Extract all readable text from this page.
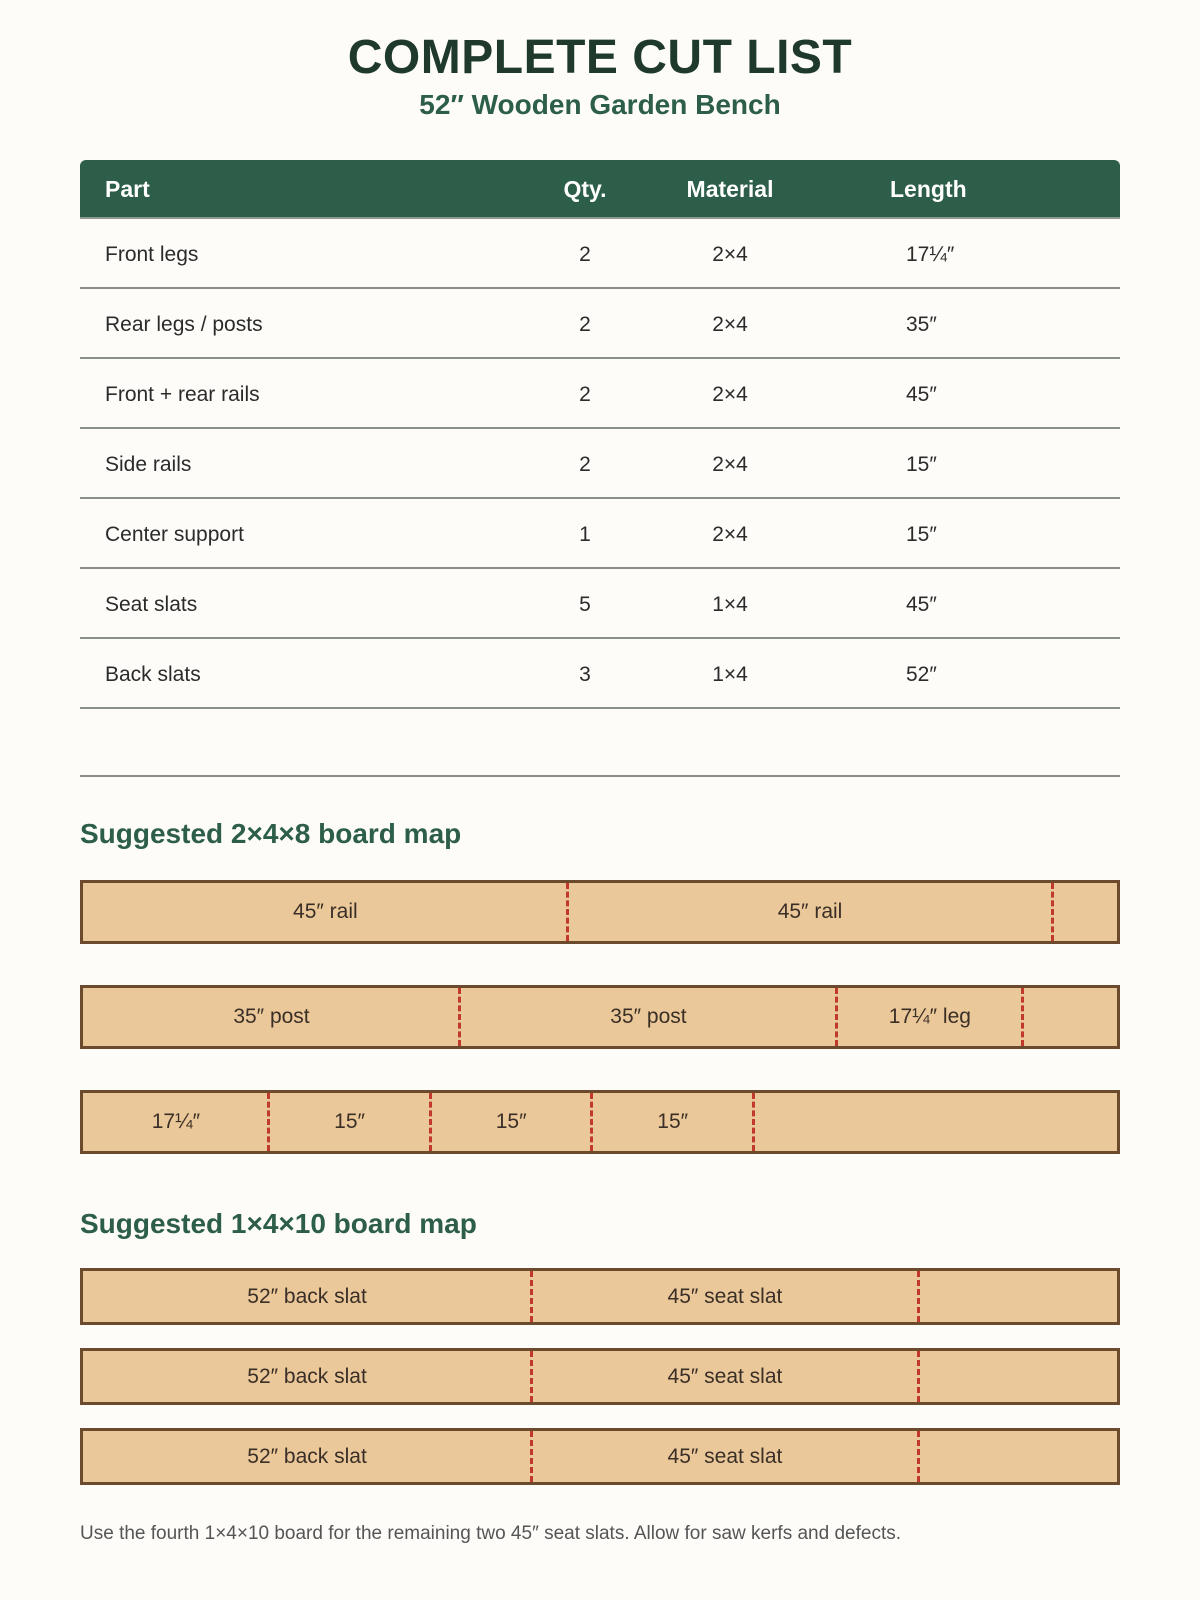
COMPLETE CUT LIST
52″ Wooden Garden Bench
Part	Qty.	Material	Length
Front legs	2	2×4	17¼″
Rear legs / posts	2	2×4	35″
Front + rear rails	2	2×4	45″
Side rails	2	2×4	15″
Center support	1	2×4	15″
Seat slats	5	1×4	45″
Back slats	3	1×4	52″
Suggested 2×4×8 board map
45″ rail	45″ rail
35″ post	35″ post	17¼″ leg
17¼″	15″	15″	15″
Suggested 1×4×10 board map
52″ back slat	45″ seat slat
52″ back slat	45″ seat slat
52″ back slat	45″ seat slat
Use the fourth 1×4×10 board for the remaining two 45″ seat slats. Allow for saw kerfs and defects.
